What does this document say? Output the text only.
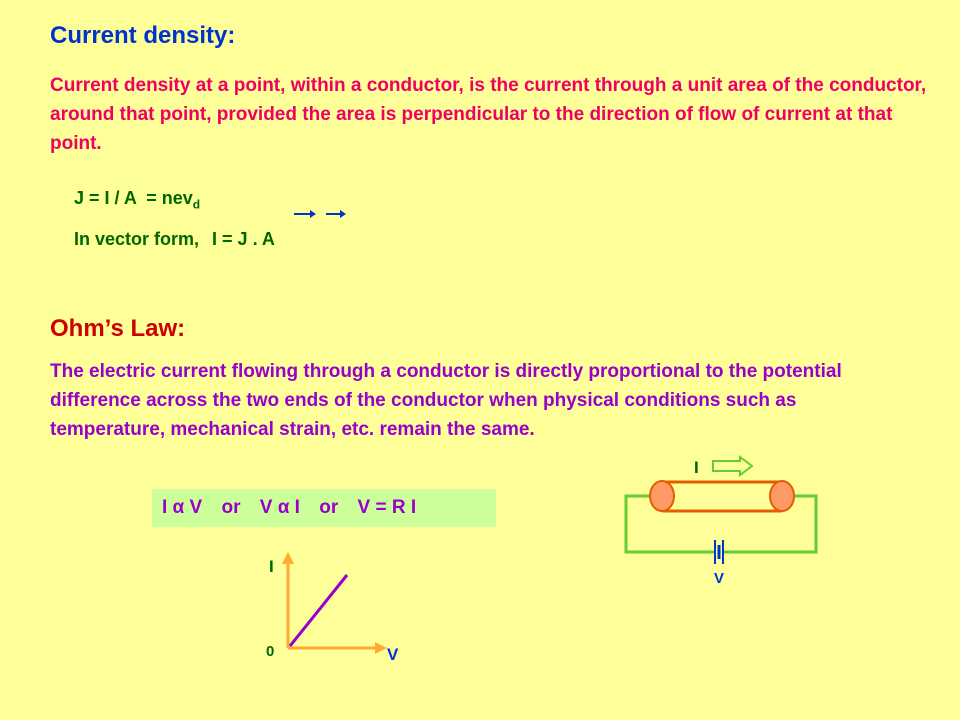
Current density:
Current density at a point, within a conductor, is the current through a unit area of the conductor, around that point, provided the area is perpendicular to the direction of flow of current at that point.
J = I / A  = nev$_d$
In vector form, I = J . A
Ohm’s Law:
The electric current flowing through a conductor is directly proportional to the potential difference across the two ends of the conductor when physical conditions such as temperature, mechanical strain, etc. remain the same.
I α V or V α I or V = R I
I
V
0
I
V
